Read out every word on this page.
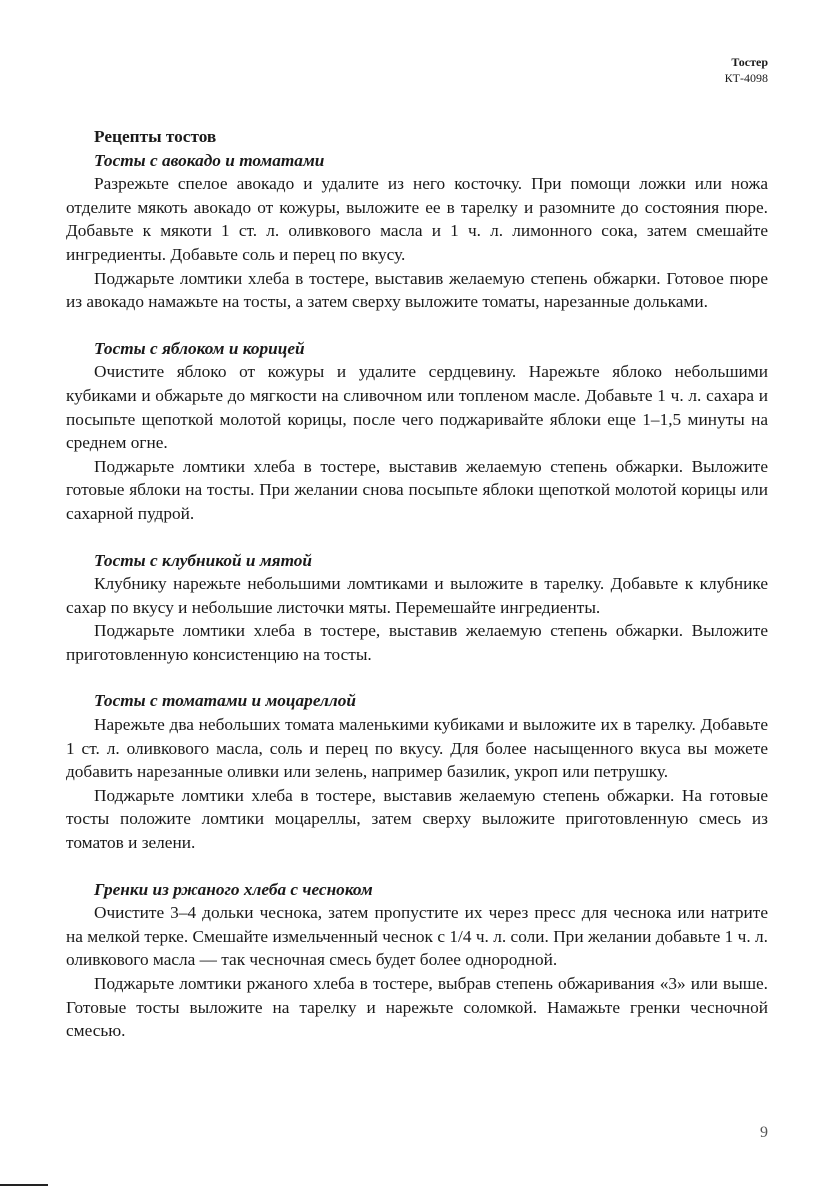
Тостер
КТ-4098
Рецепты тостов
Тосты с авокадо и томатами

Разрежьте спелое авокадо и удалите из него косточку. При помощи ложки или ножа отделите мякоть авокадо от кожуры, выложите ее в тарелку и разомните до состояния пюре. Добавьте к мякоти 1 ст. л. оливкового масла и 1 ч. л. лимонного сока, затем смешайте ингредиенты. Добавьте соль и перец по вкусу.

Поджарьте ломтики хлеба в тостере, выставив желаемую степень обжарки. Готовое пюре из авокадо намажьте на тосты, а затем сверху выложите томаты, нарезанные дольками.

Тосты с яблоком и корицей

Очистите яблоко от кожуры и удалите сердцевину. Нарежьте яблоко небольшими кубиками и обжарьте до мягкости на сливочном или топленом масле. Добавьте 1 ч. л. сахара и посыпьте щепоткой молотой корицы, после чего поджаривайте яблоки еще 1–1,5 минуты на среднем огне.

Поджарьте ломтики хлеба в тостере, выставив желаемую степень обжарки. Выложите готовые яблоки на тосты. При желании снова посыпьте яблоки щепоткой молотой корицы или сахарной пудрой.

Тосты с клубникой и мятой

Клубнику нарежьте небольшими ломтиками и выложите в тарелку. Добавьте к клубнике сахар по вкусу и небольшие листочки мяты. Перемешайте ингредиенты.

Поджарьте ломтики хлеба в тостере, выставив желаемую степень обжарки. Выложите приготовленную консистенцию на тосты.

Тосты с томатами и моцареллой

Нарежьте два небольших томата маленькими кубиками и выложите их в тарелку. Добавьте 1 ст. л. оливкового масла, соль и перец по вкусу. Для более насыщенного вкуса вы можете добавить нарезанные оливки или зелень, например базилик, укроп или петрушку.

Поджарьте ломтики хлеба в тостере, выставив желаемую степень обжарки. На готовые тосты положите ломтики моцареллы, затем сверху выложите приготовленную смесь из томатов и зелени.

Гренки из ржаного хлеба с чесноком

Очистите 3–4 дольки чеснока, затем пропустите их через пресс для чеснока или натрите на мелкой терке. Смешайте измельченный чеснок с 1/4 ч. л. соли. При желании добавьте 1 ч. л. оливкового масла — так чесночная смесь будет более однородной.

Поджарьте ломтики ржаного хлеба в тостере, выбрав степень обжаривания «3» или выше. Готовые тосты выложите на тарелку и нарежьте соломкой. Намажьте гренки чесночной смесью.

9
